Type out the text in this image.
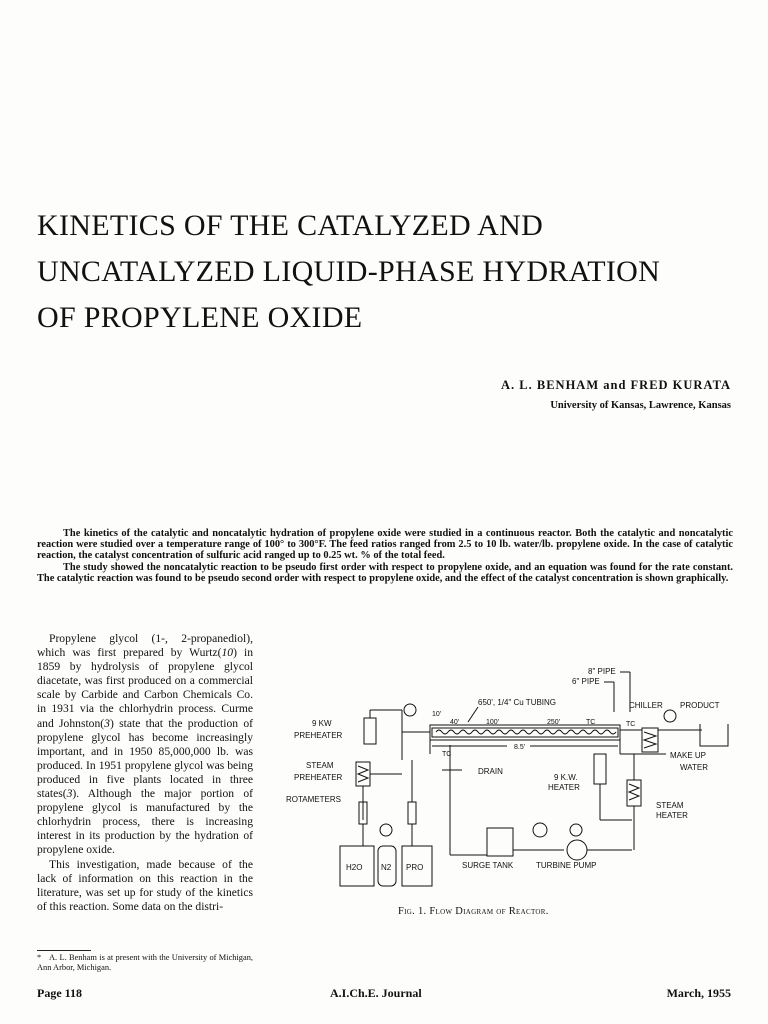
KINETICS OF THE CATALYZED AND
UNCATALYZED LIQUID-PHASE HYDRATION
OF PROPYLENE OXIDE
A. L. BENHAM and FRED KURATA
University of Kansas, Lawrence, Kansas

The kinetics of the catalytic and noncatalytic hydration of propylene oxide were studied in a continuous reactor. Both the catalytic and noncatalytic reaction were studied over a temperature range of 100° to 300°F. The feed ratios ranged from 2.5 to 10 lb. water/lb. propylene oxide. In the case of catalytic reaction, the catalyst concentration of sulfuric acid ranged up to 0.25 wt. % of the total feed.

The study showed the noncatalytic reaction to be pseudo first order with respect to propylene oxide, and an equation was found for the rate constant. The catalytic reaction was found to be pseudo second order with respect to propylene oxide, and the effect of the catalyst concentration is shown graphically.

Propylene glycol (1-, 2-propanediol), which was first prepared by Wurtz(10) in 1859 by hydrolysis of propylene glycol diacetate, was first produced on a commercial scale by Carbide and Carbon Chemicals Co. in 1931 via the chlorhydrin process. Curme and Johnston(3) state that the production of propylene glycol has become increasingly important, and in 1950 85,000,000 lb. was produced. In 1951 propylene glycol was being produced in five plants located in three states(3). Although the major portion of propylene glycol is manufactured by the chlorhydrin process, there is increasing interest in its production by the hydration of propylene oxide.

This investigation, made because of the lack of information on this reaction in the literature, was set up for study of the kinetics of this reaction. Some data on the distri-

* A. L. Benham is at present with the University of Michigan, Ann Arbor, Michigan.
8" PIPE
6" PIPE
650', 1/4" Cu TUBING	CHILLER PRODUCT
10'
40'	100'	250'
8.5'
TC
9 KW
PREHEATER
TC
DRAIN
STEAM
PREHEATER
ROTAMETERS
H2O N2 PRO	SURGE TANK	TURBINE PUMP
9 K.W.
HEATER
STEAM
HEATER
MAKE UP
WATER
TC
Fig. 1. Flow Diagram of Reactor.
Page 118	A.I.Ch.E. Journal	March, 1955
